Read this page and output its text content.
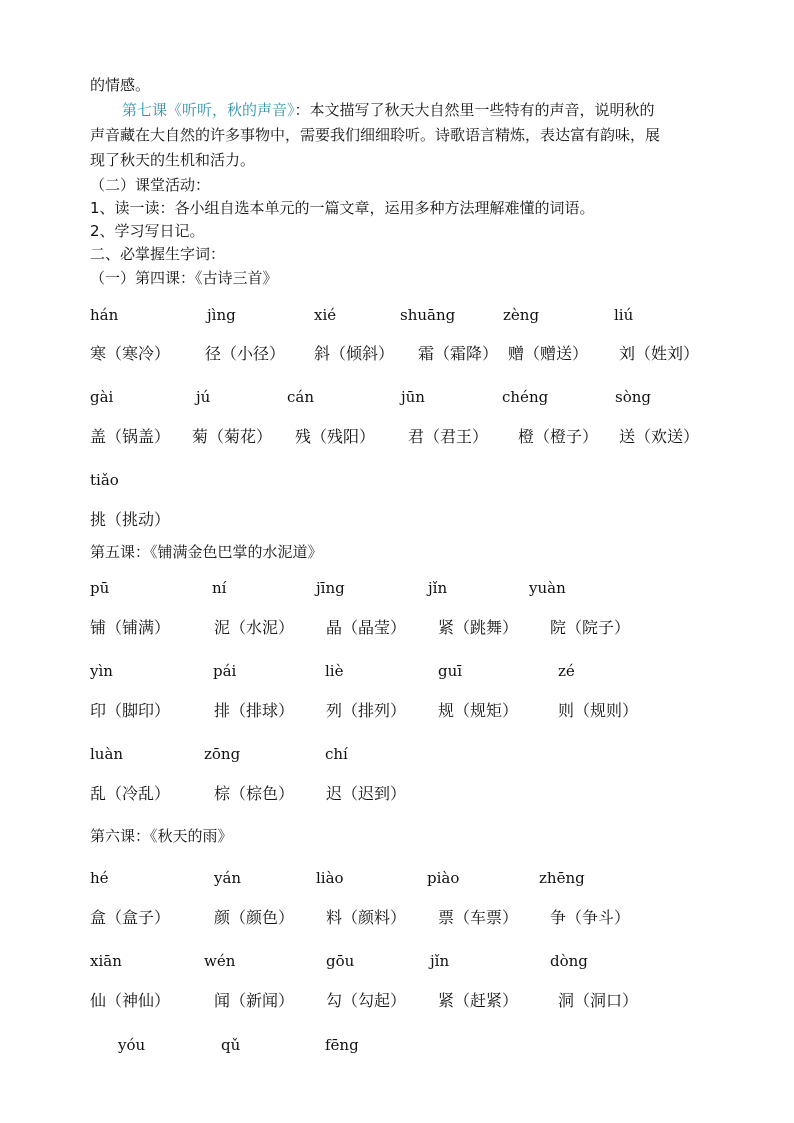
的情感。
第七课《听听，秋的声音》：本文描写了秋天大自然里一些特有的声音，说明秋的
声音藏在大自然的许多事物中，需要我们细细聆听。诗歌语言精炼，表达富有韵味，展
现了秋天的生机和活力。
（二）课堂活动：
1、读一读：各小组自选本单元的一篇文章，运用多种方法理解难懂的词语。
2、学习写日记。
二、必掌握生字词：
（一）第四课：《古诗三首》
hán	jìng	xié	shuāng	zèng	liú
寒（寒冷） 径（小径） 斜（倾斜） 霜（霜降） 赠（赠送） 刘（姓刘）
gài	jú	cán	jūn	chéng	sòng
盖（锅盖） 菊（菊花） 残（残阳） 君（君王） 橙（橙子） 送（欢送）
tiǎo
挑（挑动）
第五课：《铺满金色巴掌的水泥道》
pū	ní	jīng	jǐn	yuàn
铺（铺满）	泥（水泥） 晶（晶莹） 紧（跳舞） 院（院子）
yìn	pái	liè	guī	zé
印（脚印）	排（排球） 列（排列） 规（规矩） 则（规则）
luàn	zōng	chí
乱（冷乱）	棕（棕色） 迟（迟到）
第六课：《秋天的雨》
hé	yán	liào	piào	zhēng
盒（盒子）	颜（颜色） 料（颜料） 票（车票） 争（争斗）
xiān	wén	gōu	jǐn	dòng
仙（神仙）	闻（新闻） 勾（勾起） 紧（赶紧） 洞（洞口）
yóu	qǔ	fēng
